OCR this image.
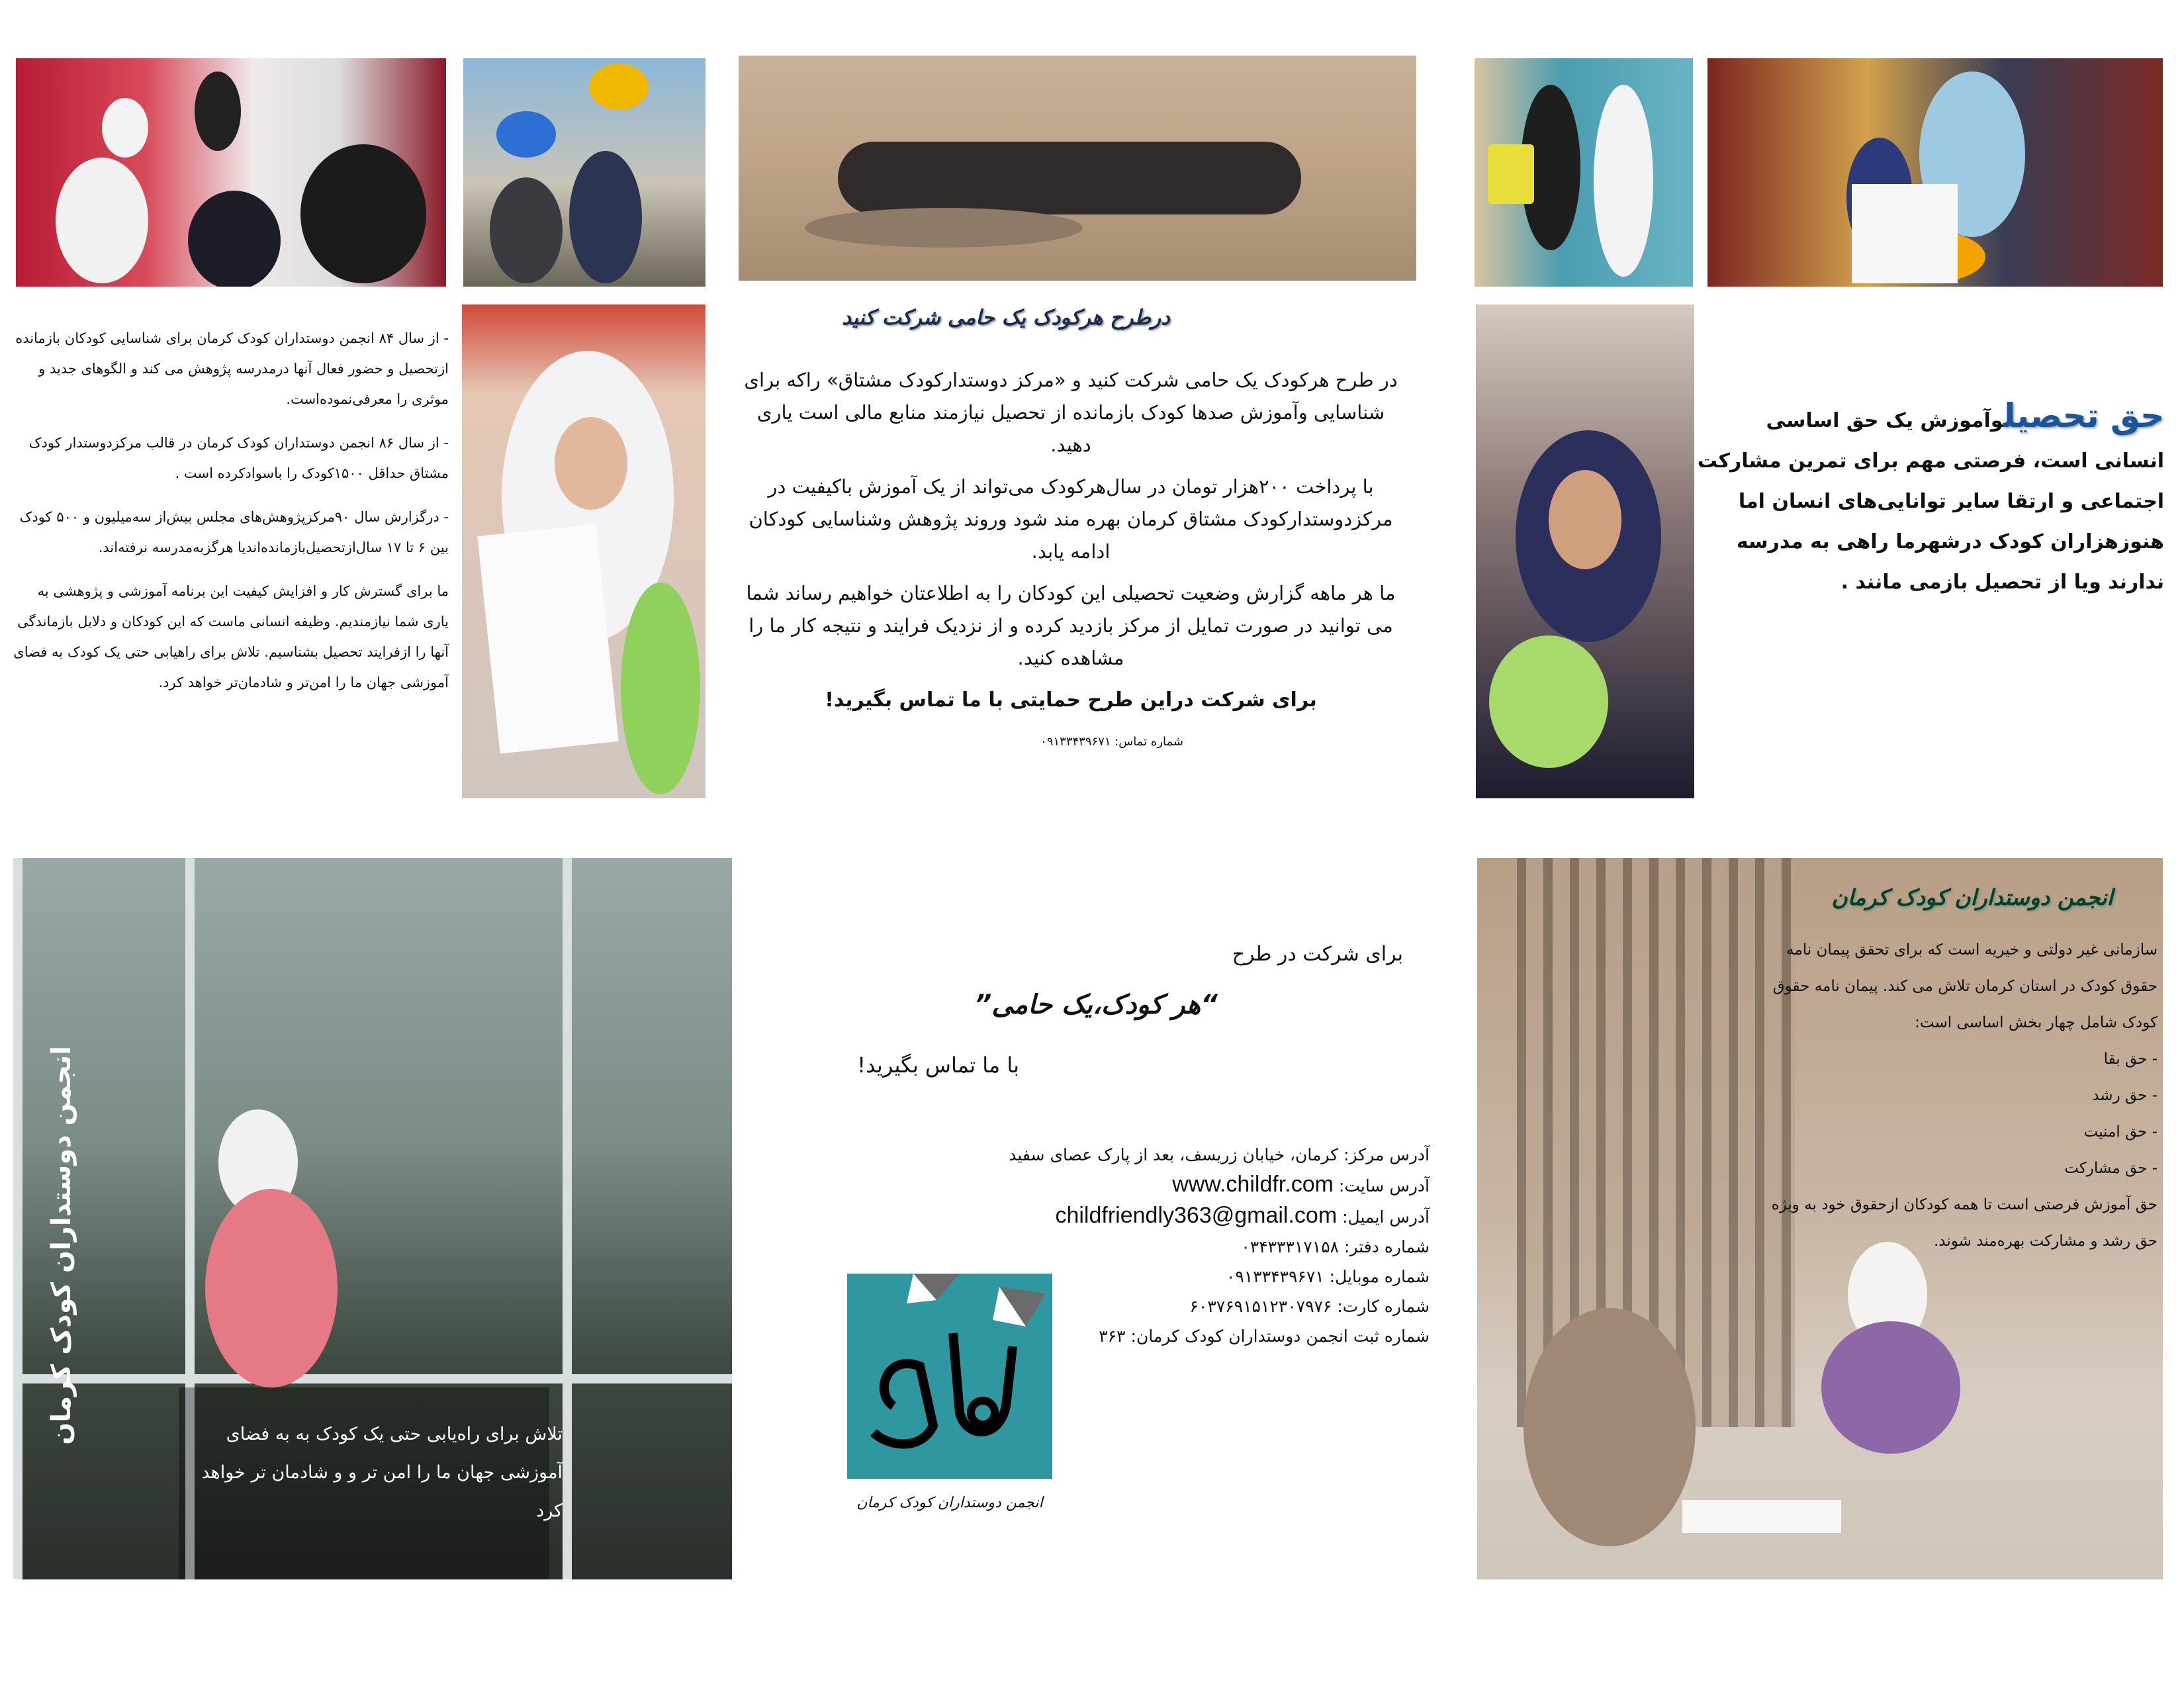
- از سال ۸۴ انجمن دوستداران کودک کرمان برای شناسایی کودکان بازمانده ازتحصیل و حضور فعال آنها درمدرسه پژوهش می کند و الگوهای جدید و موثری را معرفی‌نموده‌است.

- از سال ۸۶ انجمن دوستداران کودک کرمان در قالب مرکزدوستدار کودک مشتاق حداقل ۱۵۰۰کودک را باسوادکرده است .

- درگزارش سال ۹۰مرکزپژوهش‌های مجلس بیش‌از سه‌میلیون و ۵۰۰ کودک بین ۶ تا ۱۷ سال‌ازتحصیل‌بازمانده‌اندیا هرگزبه‌مدرسه نرفته‌اند.

ما برای گسترش کار و افزایش کیفیت این برنامه آموزشی و پژوهشی به یاری شما نیازمندیم. وظیفه انسانی ماست که این کودکان و دلایل بازماندگی آنها را ازفرایند تحصیل بشناسیم. تلاش برای راهیابی حتی یک کودک به فضای آموزشی جهان ما را امن‌تر و شادمان‌تر خواهد کرد.

درطرح هرکودک یک حامی شرکت کنید

در طرح هرکودک یک حامی شرکت کنید و «مرکز دوستدارکودک مشتاق» راکه برای شناسایی وآموزش صدها کودک بازمانده از تحصیل نیازمند منابع مالی است یاری دهید.

با پرداخت ۲۰۰هزار تومان در سال‌هرکودک می‌تواند از یک آموزش باکیفیت در مرکزدوستدارکودک مشتاق کرمان بهره مند شود وروند پژوهش وشناسایی کودکان ادامه یابد.

ما هر ماهه گزارش وضعیت تحصیلی این کودکان را به اطلاعتان خواهیم رساند شما می توانید در صورت تمایل از مرکز بازدید کرده و از نزدیک فرایند و نتیجه کار ما را مشاهده کنید.

برای شرکت دراین طرح حمایتی با ما تماس بگیرید!

شماره تماس: ۰۹۱۳۳۴۳۹۶۷۱

حق تحصیلوآموزش یک حق اساسی انسانی است، فرصتی مهم برای تمرین مشارکت اجتماعی و ارتقا سایر توانایی‌های انسان اما هنوزهزاران کودک درشهرما راهی به مدرسه ندارند ویا از تحصیل بازمی مانند .
انجمن دوستداران کودک کرمان	تلاش برای راه‌یابی حتی یک کودک به به فضای آموزشی جهان ما را امن تر و و شادمان تر خواهد کرد
برای شرکت در طرح
“هر کودک،یک حامی”
با ما تماس بگیرید!
آدرس مرکز: کرمان، خیابان زریسف، بعد از پارک عصای سفید
آدرس سایت: www.childfr.com
آدرس ایمیل: childfriendly363@gmail.com
شماره دفتر: ۰۳۴۳۳۳۱۷۱۵۸
شماره موبایل: ۰۹۱۳۳۴۳۹۶۷۱
شماره کارت: ۶۰۳۷۶۹۱۵۱۲۳۰۷۹۷۶
شماره ثبت انجمن دوستداران کودک کرمان: ۳۶۳
انجمن دوستداران کودک کرمان
انجمن دوستداران کودک کرمان

سازمانی غیر دولتی و خیریه است که برای تحقق پیمان نامه حقوق کودک در استان کرمان تلاش می کند. پیمان نامه حقوق کودک شامل چهار بخش اساسی است:

- حق بقا

- حق رشد

- حق امنیت

- حق مشارکت

حق آموزش فرصتی است تا همه کودکان ازحقوق خود به ویژه حق رشد و مشارکت بهره‌مند شوند.
